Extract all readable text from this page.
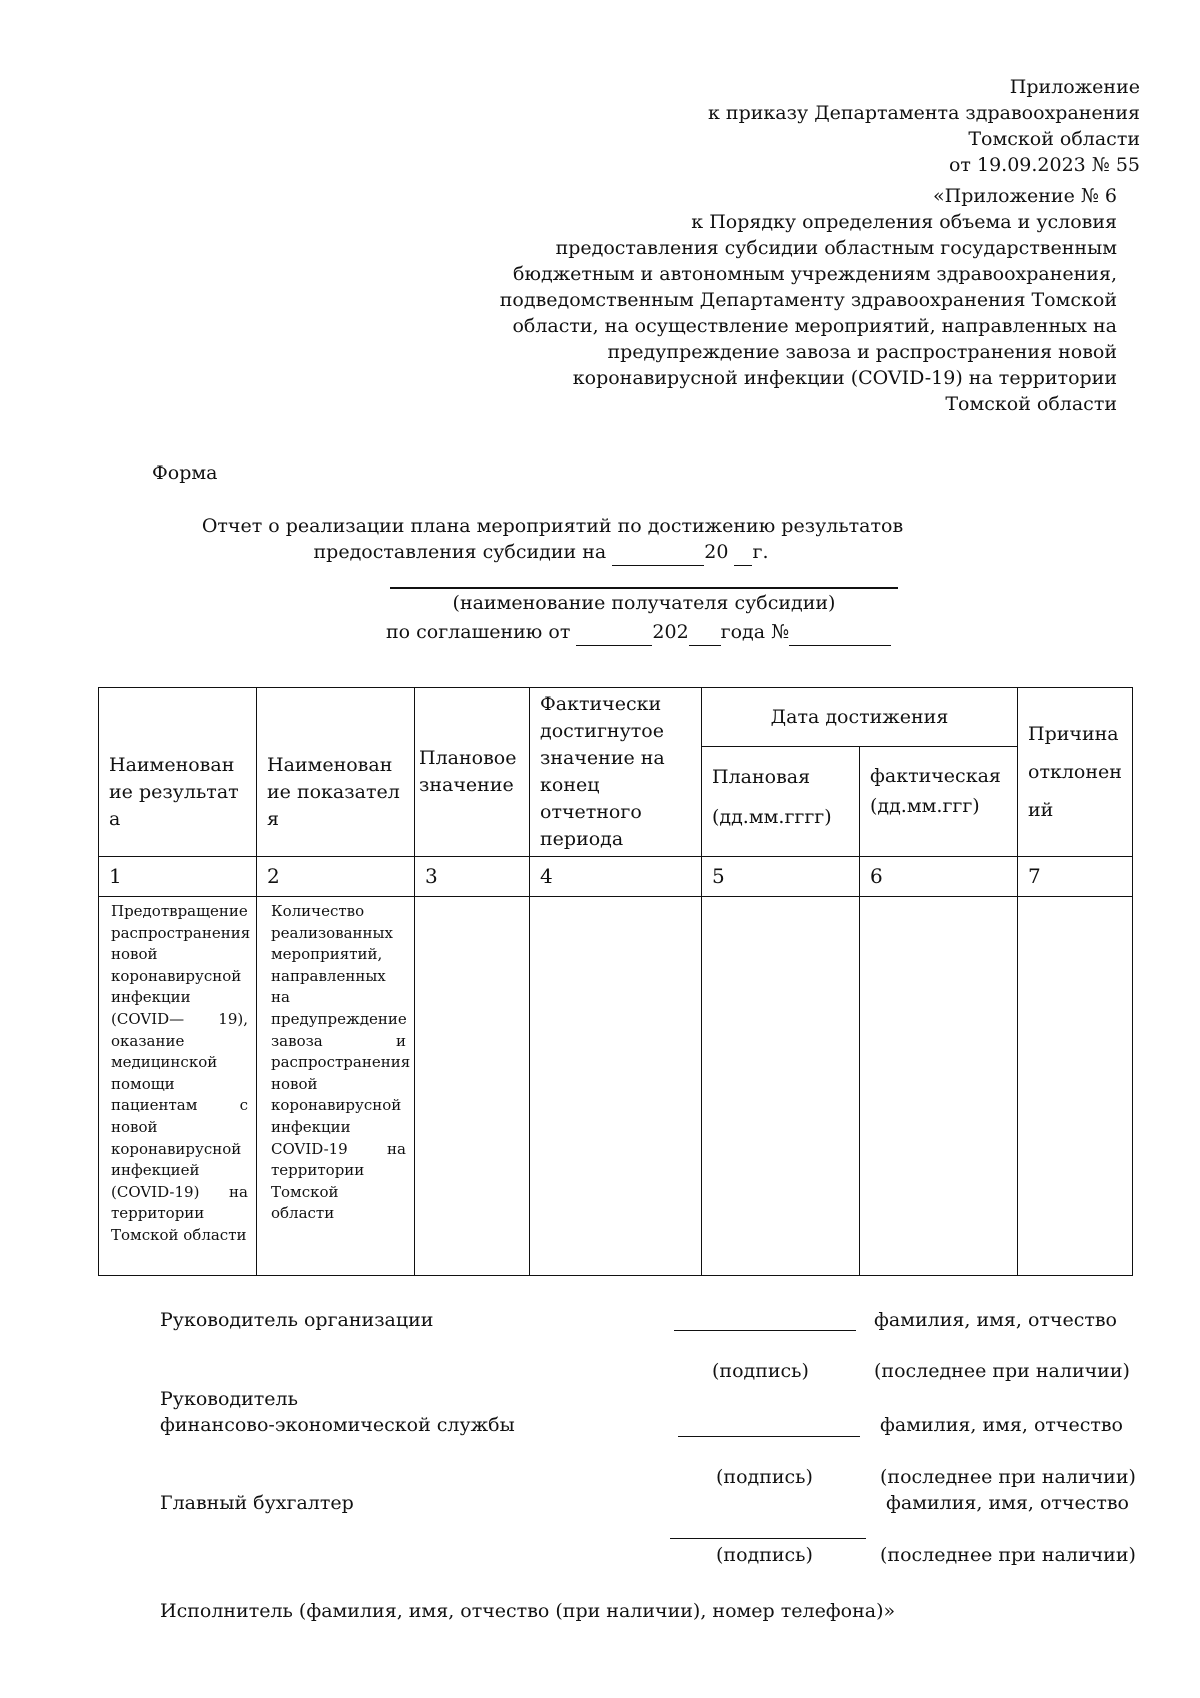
Приложение
к приказу Департамента здравоохранения
Томской области
от 19.09.2023 № 55
«Приложение № 6
к Порядку определения объема и условия
предоставления субсидии областным государственным
бюджетным и автономным учреждениям здравоохранения,
подведомственным Департаменту здравоохранения Томской
области, на осуществление мероприятий, направленных на
предупреждение завоза и распространения новой
коронавирусной инфекции (COVID-19) на территории
Томской области
Форма
Отчет о реализации плана мероприятий по достижению результатов
предоставления субсидии на	20 г.
(наименование получателя субсидии)
по соглашению от	202 года №
Наименование результата	Наименование показателя	Плановое значение	Фактически достигнутое значение на конец отчетного периода	Дата достижения		Причина отклонений

				Плановая (дд.мм.гггг)	фактическая (дд.мм.ггг)	
1	2	3	4	5	6	7
Предотвращение распространения новой коронавирусной инфекции (COVID— 19), оказание медицинской помощи пациентам с новой коронавирусной инфекцией (COVID-19) на территории Томской области	Количество реализованных мероприятий, направленных на предупреждение завоза и распространения новой коронавирусной инфекции COVID-19 на территории Томской области					
Руководитель организации	фамилия, имя, отчество
(подпись)	(последнее при наличии)
Руководитель
финансово-экономической службы	фамилия, имя, отчество
(подпись)	(последнее при наличии)
Главный бухгалтер	фамилия, имя, отчество
(подпись)	(последнее при наличии)
Исполнитель (фамилия, имя, отчество (при наличии), номер телефона)»
